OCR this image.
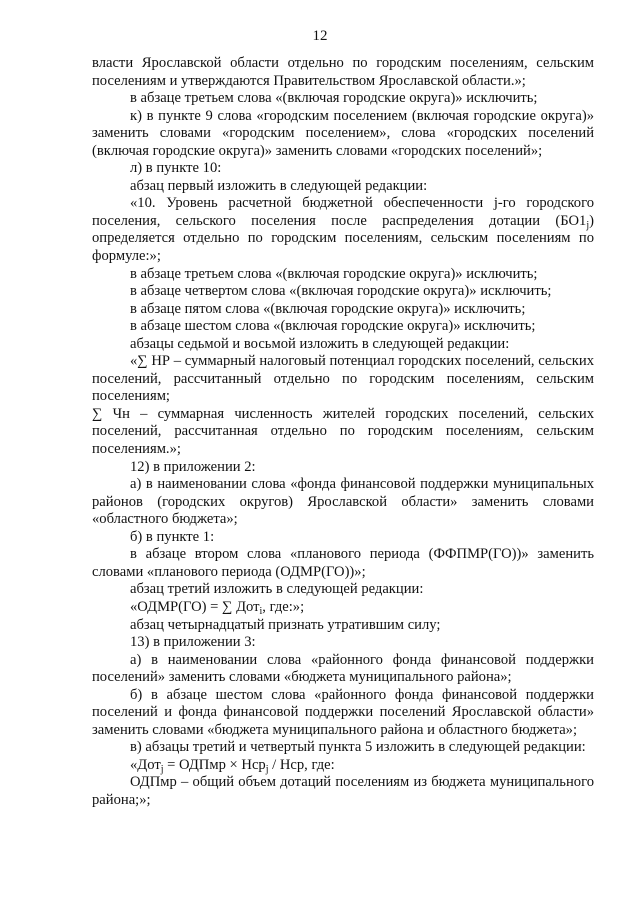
12

власти Ярославской области отдельно по городским поселениям, сельским поселениям и утверждаются Правительством Ярославской области.»;

в абзаце третьем слова «(включая городские округа)» исключить;

к) в пункте 9 слова «городским поселением (включая городские округа)» заменить словами «городским поселением», слова «городских поселений (включая городские округа)» заменить словами «городских поселений»;

л) в пункте 10:

абзац первый изложить в следующей редакции:

«10. Уровень расчетной бюджетной обеспеченности j-го городского поселения, сельского поселения после распределения дотации $(БО1_j)$ определяется отдельно по городским поселениям, сельским поселениям по формуле:»;

в абзаце третьем слова «(включая городские округа)» исключить;

в абзаце четвертом слова «(включая городские округа)» исключить;

в абзаце пятом слова «(включая городские округа)» исключить;

в абзаце шестом слова «(включая городские округа)» исключить;

абзацы седьмой и восьмой изложить в следующей редакции:

«∑ НР – суммарный налоговый потенциал городских поселений, сельских поселений, рассчитанный отдельно по городским поселениям, сельским поселениям;

∑ Чн – суммарная численность жителей городских поселений, сельских поселений, рассчитанная отдельно по городским поселениям, сельским поселениям.»;

12) в приложении 2:

а) в наименовании слова «фонда финансовой поддержки муниципальных районов (городских округов) Ярославской области» заменить словами «областного бюджета»;

б) в пункте 1:

в абзаце втором слова «планового периода (ФФПМР(ГО))» заменить словами «планового периода (ОДМР(ГО))»;

абзац третий изложить в следующей редакции:

«ОДМР(ГО) = ∑ Дот$_i$, где:»;

абзац четырнадцатый признать утратившим силу;

13) в приложении 3:

а) в наименовании слова «районного фонда финансовой поддержки поселений» заменить словами «бюджета муниципального района»;

б) в абзаце шестом слова «районного фонда финансовой поддержки поселений и фонда финансовой поддержки поселений Ярославской области» заменить словами «бюджета муниципального района и областного бюджета»;

в) абзацы третий и четвертый пункта 5 изложить в следующей редакции:

«Дот$_j$ = ОДПмр × Нср$_j$ / Нср, где:

ОДПмр – общий объем дотаций поселениям из бюджета муниципального района;»;
